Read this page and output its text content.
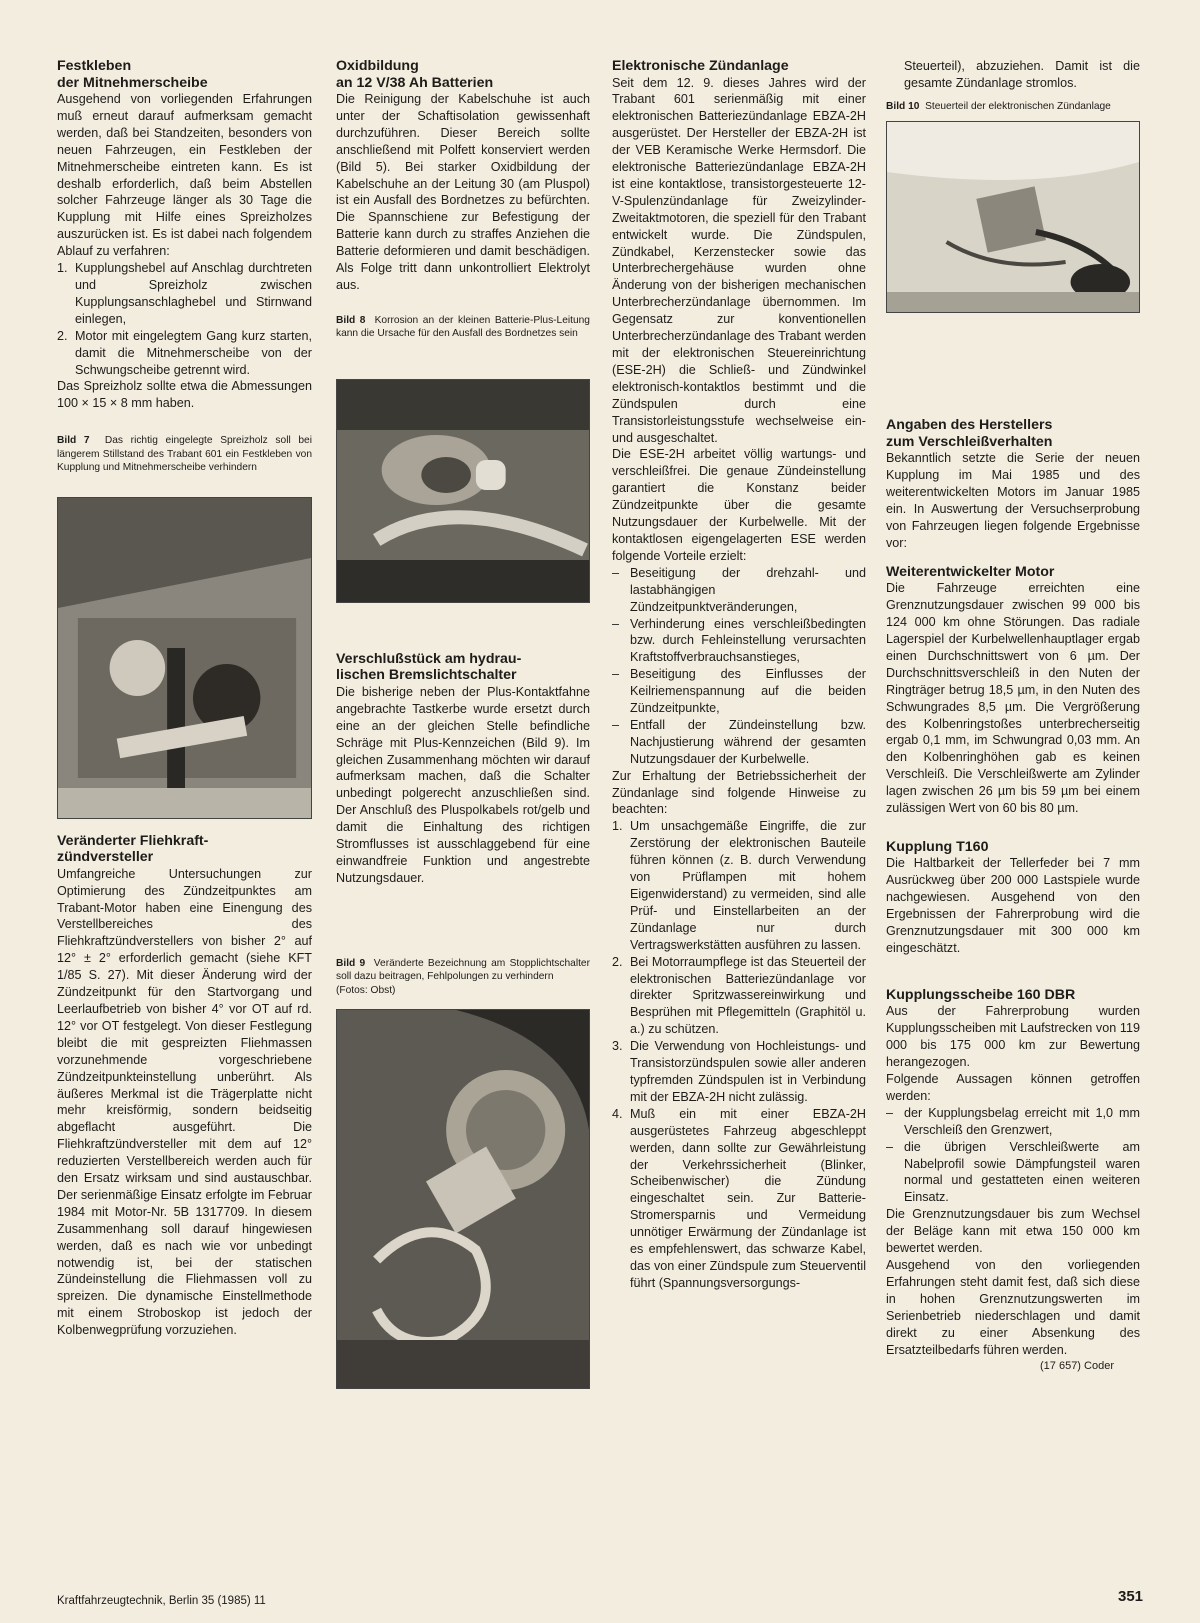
Festkleben
der Mitnehmerscheibe

Ausgehend von vorliegenden Erfahrungen muß erneut darauf aufmerksam gemacht werden, daß bei Standzeiten, besonders von neuen Fahrzeugen, ein Festkleben der Mitnehmerscheibe eintreten kann. Es ist deshalb erforderlich, daß beim Abstellen solcher Fahrzeuge länger als 30 Tage die Kupplung mit Hilfe eines Spreizholzes auszurücken ist. Es ist dabei nach folgendem Ablauf zu verfahren:

1. Kupplungshebel auf Anschlag durchtreten und Spreizholz zwischen Kupplungsanschlaghebel und Stirnwand einlegen,
2. Motor mit eingelegtem Gang kurz starten, damit die Mitnehmerscheibe von der Schwungscheibe getrennt wird.

Das Spreizholz sollte etwa die Abmessungen 100 × 15 × 8 mm haben.

Bild 7 Das richtig eingelegte Spreizholz soll bei längerem Stillstand des Trabant 601 ein Festkleben von Kupplung und Mitnehmerscheibe verhindern

Veränderter Fliehkraft-
zündversteller

Umfangreiche Untersuchungen zur Optimierung des Zündzeitpunktes am Trabant-Motor haben eine Einengung des Verstellbereiches des Fliehkraftzündverstellers von bisher 2° auf 12° ± 2° erforderlich gemacht (siehe KFT 1/85 S. 27). Mit dieser Änderung wird der Zündzeitpunkt für den Startvorgang und Leerlaufbetrieb von bisher 4° vor OT auf rd. 12° vor OT festgelegt. Von dieser Festlegung bleibt die mit gespreizten Fliehmassen vorzunehmende vorgeschriebene Zündzeitpunkteinstellung unberührt. Als äußeres Merkmal ist die Trägerplatte nicht mehr kreisförmig, sondern beidseitig abgeflacht ausgeführt. Die Fliehkraftzündversteller mit dem auf 12° reduzierten Verstellbereich werden auch für den Ersatz wirksam und sind austauschbar. Der serienmäßige Einsatz erfolgte im Februar 1984 mit Motor-Nr. 5B 1317709. In diesem Zusammenhang soll darauf hingewiesen werden, daß es nach wie vor unbedingt notwendig ist, bei der statischen Zündeinstellung die Fliehmassen voll zu spreizen. Die dynamische Einstellmethode mit einem Stroboskop ist jedoch der Kolbenwegprüfung vorzuziehen.

Oxidbildung
an 12 V/38 Ah Batterien

Die Reinigung der Kabelschuhe ist auch unter der Schaftisolation gewissenhaft durchzuführen. Dieser Bereich sollte anschließend mit Polfett konserviert werden (Bild 5). Bei starker Oxidbildung der Kabelschuhe an der Leitung 30 (am Pluspol) ist ein Ausfall des Bordnetzes zu befürchten. Die Spannschiene zur Befestigung der Batterie kann durch zu straffes Anziehen die Batterie deformieren und damit beschädigen. Als Folge tritt dann unkontrolliert Elektrolyt aus.

Bild 8 Korrosion an der kleinen Batterie-Plus-Leitung kann die Ursache für den Ausfall des Bordnetzes sein

Verschlußstück am hydrau-
lischen Bremslichtschalter

Die bisherige neben der Plus-Kontaktfahne angebrachte Tastkerbe wurde ersetzt durch eine an der gleichen Stelle befindliche Schräge mit Plus-Kennzeichen (Bild 9). Im gleichen Zusammenhang möchten wir darauf aufmerksam machen, daß die Schalter unbedingt polgerecht anzuschließen sind. Der Anschluß des Pluspolkabels rot/gelb und damit die Einhaltung des richtigen Stromflusses ist ausschlaggebend für eine einwandfreie Funktion und angestrebte Nutzungsdauer.

Bild 9 Veränderte Bezeichnung am Stopplichtschalter soll dazu beitragen, Fehlpolungen zu verhindern
(Fotos: Obst)

Elektronische Zündanlage

Seit dem 12. 9. dieses Jahres wird der Trabant 601 serienmäßig mit einer elektronischen Batteriezündanlage EBZA-2H ausgerüstet. Der Hersteller der EBZA-2H ist der VEB Keramische Werke Hermsdorf. Die elektronische Batteriezündanlage EBZA-2H ist eine kontaktlose, transistorgesteuerte 12-V-Spulenzündanlage für Zweizylinder-Zweitaktmotoren, die speziell für den Trabant entwickelt wurde. Die Zündspulen, Zündkabel, Kerzenstecker sowie das Unterbrechergehäuse wurden ohne Änderung von der bisherigen mechanischen Unterbrecherzündanlage übernommen. Im Gegensatz zur konventionellen Unterbrecherzündanlage des Trabant werden mit der elektronischen Steuereinrichtung (ESE-2H) die Schließ- und Zündwinkel elektronisch-kontaktlos bestimmt und die Zündspulen durch eine Transistorleistungsstufe wechselweise ein- und ausgeschaltet.

Die ESE-2H arbeitet völlig wartungs- und verschleißfrei. Die genaue Zündeinstellung garantiert die Konstanz beider Zündzeitpunkte über die gesamte Nutzungsdauer der Kurbelwelle. Mit der kontaktlosen eigengelagerten ESE werden folgende Vorteile erzielt:

– Beseitigung der drehzahl- und lastabhängigen Zündzeitpunktveränderungen,
– Verhinderung eines verschleißbedingten bzw. durch Fehleinstellung verursachten Kraftstoffverbrauchsanstieges,
– Beseitigung des Einflusses der Keilriemenspannung auf die beiden Zündzeitpunkte,
– Entfall der Zündeinstellung bzw. Nachjustierung während der gesamten Nutzungsdauer der Kurbelwelle.

Zur Erhaltung der Betriebssicherheit der Zündanlage sind folgende Hinweise zu beachten:

1. Um unsachgemäße Eingriffe, die zur Zerstörung der elektronischen Bauteile führen können (z. B. durch Verwendung von Prüflampen mit hohem Eigenwiderstand) zu vermeiden, sind alle Prüf- und Einstellarbeiten an der Zündanlage nur durch Vertragswerkstätten ausführen zu lassen.
2. Bei Motorraumpflege ist das Steuerteil der elektronischen Batteriezündanlage vor direkter Spritzwassereinwirkung und Besprühen mit Pflegemitteln (Graphitöl u. a.) zu schützen.
3. Die Verwendung von Hochleistungs- und Transistorzündspulen sowie aller anderen typfremden Zündspulen ist in Verbindung mit der EBZA-2H nicht zulässig.
4. Muß ein mit einer EBZA-2H ausgerüstetes Fahrzeug abgeschleppt werden, dann sollte zur Gewährleistung der Verkehrssicherheit (Blinker, Scheibenwischer) die Zündung eingeschaltet sein. Zur Batterie-Stromersparnis und Vermeidung unnötiger Erwärmung der Zündanlage ist es empfehlenswert, das schwarze Kabel, das von einer Zündspule zum Steuerventil führt (Spannungsversorgungs-

Steuerteil), abzuziehen. Damit ist die gesamte Zündanlage stromlos.

Bild 10 Steuerteil der elektronischen Zündanlage

Angaben des Herstellers
zum Verschleißverhalten

Bekanntlich setzte die Serie der neuen Kupplung im Mai 1985 und des weiterentwickelten Motors im Januar 1985 ein. In Auswertung der Versuchserprobung von Fahrzeugen liegen folgende Ergebnisse vor:

Weiterentwickelter Motor

Die Fahrzeuge erreichten eine Grenznutzungsdauer zwischen 99 000 bis 124 000 km ohne Störungen. Das radiale Lagerspiel der Kurbelwellenhauptlager ergab einen Durchschnittswert von 6 µm. Der Durchschnittsverschleiß in den Nuten der Ringträger betrug 18,5 µm, in den Nuten des Schwungrades 8,5 µm. Die Vergrößerung des Kolbenringstoßes unterbrecherseitig ergab 0,1 mm, im Schwungrad 0,03 mm. An den Kolbenringhöhen gab es keinen Verschleiß. Die Verschleißwerte am Zylinder lagen zwischen 26 µm bis 59 µm bei einem zulässigen Wert von 60 bis 80 µm.

Kupplung T160

Die Haltbarkeit der Tellerfeder bei 7 mm Ausrückweg über 200 000 Lastspiele wurde nachgewiesen. Ausgehend von den Ergebnissen der Fahrerprobung wird die Grenznutzungsdauer mit 300 000 km eingeschätzt.

Kupplungsscheibe 160 DBR

Aus der Fahrerprobung wurden Kupplungsscheiben mit Laufstrecken von 119 000 bis 175 000 km zur Bewertung herangezogen.

Folgende Aussagen können getroffen werden:

– der Kupplungsbelag erreicht mit 1,0 mm Verschleiß den Grenzwert,
– die übrigen Verschleißwerte am Nabelprofil sowie Dämpfungsteil waren normal und gestatteten einen weiteren Einsatz.

Die Grenznutzungsdauer bis zum Wechsel der Beläge kann mit etwa 150 000 km bewertet werden.

Ausgehend von den vorliegenden Erfahrungen steht damit fest, daß sich diese in hohen Grenznutzungswerten im Serienbetrieb niederschlagen und damit direkt zu einer Absenkung des Ersatzteilbedarfs führen werden.

(17 657) Coder

Kraftfahrzeugtechnik, Berlin 35 (1985) 11	351
